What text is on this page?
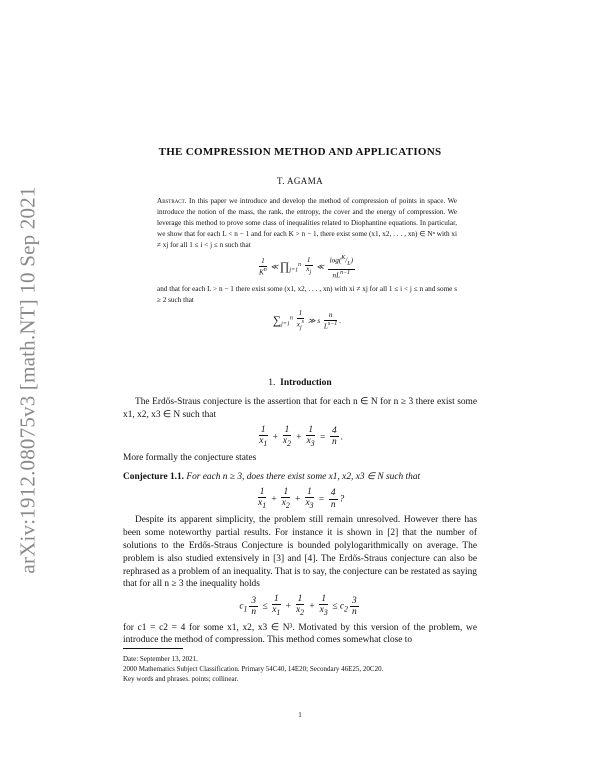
arXiv:1912.08075v3 [math.NT] 10 Sep 2021
THE COMPRESSION METHOD AND APPLICATIONS
T. AGAMA
Abstract. In this paper we introduce and develop the method of compression of points in space. We introduce the notion of the mass, the rank, the entropy, the cover and the energy of compression. We leverage this method to prove some class of inequalities related to Diophantine equations. In particular, we show that for each L < n − 1 and for each K > n − 1, there exist some (x1, x2, . . . , xn) ∈ Nⁿ with xi ≠ xj for all 1 ≤ i < j ≤ n such that
$\frac{1}{K^n}$ ≪ $\prod_{j=1}^n \frac{1}{x_j}$ ≪ $\frac{\log(^K/_L)}{nL^{n-1}}$
and that for each L > n − 1 there exist some (x1, x2, . . . , xn) with xi ≠ xj for all 1 ≤ i < j ≤ n and some s ≥ 2 such that
$\sum_{j=1}^n \frac{1}{x_j^s}$ ≫ s $\frac{n}{L^{s-1}}$ .
1. Introduction

The Erdős-Straus conjecture is the assertion that for each n ∈ N for n ≥ 3 there exist some x1, x2, x3 ∈ N such that

$\frac{1}{x_1} + \frac{1}{x_2} + \frac{1}{x_3} = \frac{4}{n}$ .

More formally the conjecture states

Conjecture 1.1. For each n ≥ 3, does there exist some x1, x2, x3 ∈ N such that

$\frac{1}{x_1} + \frac{1}{x_2} + \frac{1}{x_3} = \frac{4}{n}$ ?

Despite its apparent simplicity, the problem still remain unresolved. However there has been some noteworthy partial results. For instance it is shown in [2] that the number of solutions to the Erdős-Straus Conjecture is bounded polylogarithmically on average. The problem is also studied extensively in [3] and [4]. The Erdős-Straus conjecture can also be rephrased as a problem of an inequality. That is to say, the conjecture can be restated as saying that for all n ≥ 3 the inequality holds

$c_1 \frac{3}{n} \le \frac{1}{x_1} + \frac{1}{x_2} + \frac{1}{x_3} \le c_2 \frac{3}{n}$

for c1 = c2 = 4 for some x1, x2, x3 ∈ N³. Motivated by this version of the problem, we introduce the method of compression. This method comes somewhat close to

Date: September 13, 2021.
2000 Mathematics Subject Classification. Primary 54C40, 14E20; Secondary 46E25, 20C20.
Key words and phrases. points; collinear.
1
